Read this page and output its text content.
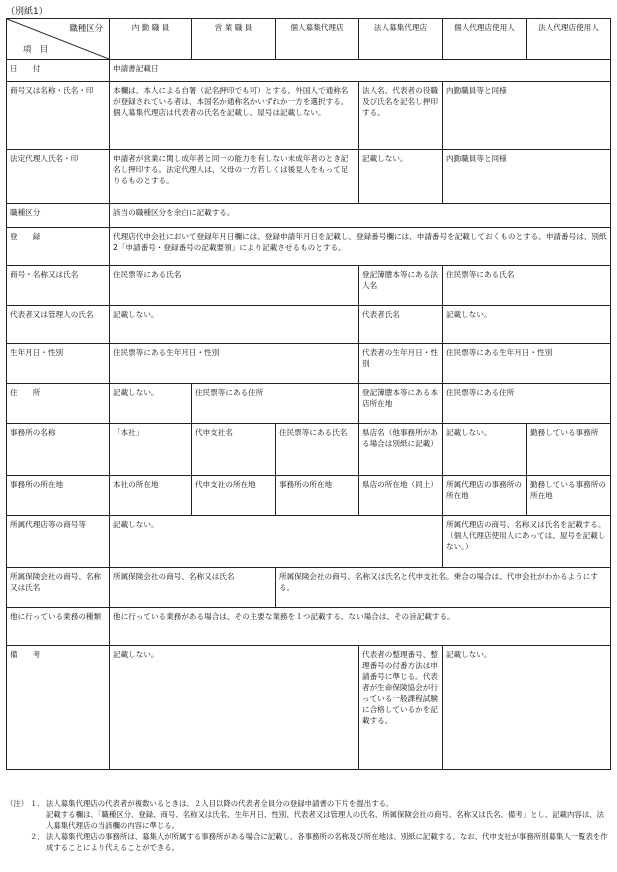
（別紙1）
職種区分
項　目	内 勤 職 員	営 業 職 員	個人募集代理店	法人募集代理店	個人代理店使用人	法人代理店使用人
日　　付	申請書記載日					
商号又は名称・氏名・印	本欄は、本人による自署（記名押印でも可）とする。外国人で通称名が登録されている者は、本国名か通称名かいずれか一方を選択する。個人募集代理店は代表者の氏名を記載し、屋号は記載しない。			法人名、代表者の役職及び氏名を記名し押印する。	内勤職員等と同様	
法定代理人氏名・印	申請者が営業に関し成年者と同一の能力を有しない未成年者のとき記名し押印する。法定代理人は、父母の一方若しくは後見人をもって足りるものとする。			記載しない。	内勤職員等と同様	
職種区分	該当の職種区分を余白に記載する。					
登　　録	代理店代申会社において登録年月日欄には、登録申請年月日を記載し、登録番号欄には、申請番号を記載しておくものとする。申請番号は、別紙2「申請番号・登録番号の記載要領」により記載させるものとする。					
商号・名称又は氏名	住民票等にある氏名			登記簿謄本等にある法人名	住民票等にある氏名	
代表者又は管理人の氏名	記載しない。			代表者氏名	記載しない。	
生年月日・性別	住民票等にある生年月日・性別			代表者の生年月日・性別	住民票等にある生年月日・性別	
住　　所	記載しない。	住民票等にある住所		登記簿謄本等にある本店所在地	住民票等にある住所	
事務所の名称	「本社」	代申支社名	住民票等にある氏名	県店名（他事務所がある場合は別紙に記載）	記載しない。	勤務している事務所
事務所の所在地	本社の所在地	代申支社の所在地	事務所の所在地	県店の所在地（同上）	所属代理店の事務所の所在地	勤務している事務所の所在地
所属代理店等の商号等	記載しない。				所属代理店の商号、名称又は氏名を記載する。（個人代理店使用人にあっては、屋号を記載しない。）	
所属保険会社の商号、名称又は氏名	所属保険会社の商号、名称又は氏名		所属保険会社の商号、名称又は氏名と代申支社名。乗合の場合は、代申会社がわかるようにする。			
他に行っている業務の種類	他に行っている業務がある場合は、その主要な業務を１つ記載する。ない場合は、その旨記載する。					
備　　考	記載しない。			代表者の整理番号、整理番号の付番方法は申請番号に準じる。代表者が生命保険協会が行っている一般課程試験に合格しているかを記載する。	記載しない。	
（注） １． 法人募集代理店の代表者が複数いるときは、２人目以降の代表者全員分の登録申請書の下片を提出する。
記載する欄は、「職種区分、登録、商号、名称又は氏名、生年月日、性別、代表者又は管理人の氏名、所属保険会社の商号、名称又は氏名、備考」とし、記載内容は、法人募集代理店の当該欄の内容に準じる。
２． 法人募集代理店の事務所は、募集人が所属する事務所がある場合に記載し、各事務所の名称及び所在地は、別紙に記載する。なお、代申支社が事務所別募集人一覧表を作成することにより代えることができる。
